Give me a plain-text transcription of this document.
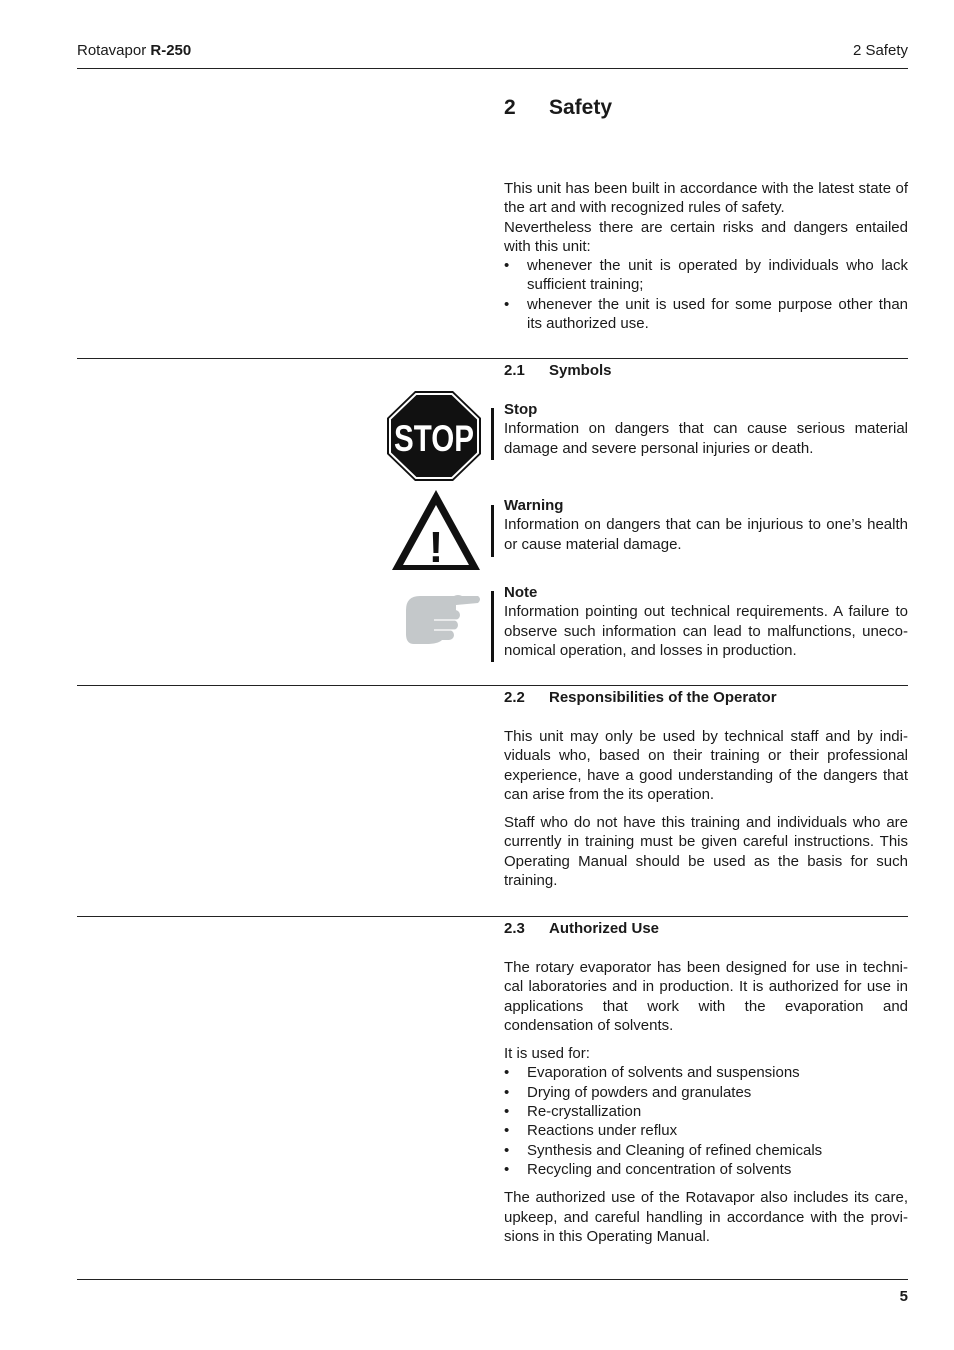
Rotavapor R-250	2 Safety
2 Safety

This unit has been built in accordance with the latest state of the art and with recognized rules of safety.

Nevertheless there are certain risks and dangers entailed with this unit:

• whenever the unit is operated by individuals who lack sufficient training;
• whenever the unit is used for some purpose other than its authorized use.
2.1 Symbols
STOP

Stop

Information on dangers that can cause serious material damage and severe personal injuries or death.

!

Warning

Information on dangers that can be injurious to one’s health or cause material damage.

Note

Information pointing out technical requirements. A failure to observe such information can lead to malfunctions, uneconomical operation, and losses in production.

2.2 Responsibilities of the Operator

This unit may only be used by technical staff and by individuals who, based on their training or their professional experience, have a good understanding of the dangers that can arise from the its operation.

Staff who do not have this training and individuals who are currently in training must be given careful instructions. This Operating Manual should be used as the basis for such training.

2.3 Authorized Use

The rotary evaporator has been designed for use in technical laboratories and in production. It is authorized for use in applications that work with the evaporation and condensation of solvents.

It is used for:

• Evaporation of solvents and suspensions
• Drying of powders and granulates
• Re-crystallization
• Reactions under reflux
• Synthesis and Cleaning of refined chemicals
• Recycling and concentration of solvents

The authorized use of the Rotavapor also includes its care, upkeep, and careful handling in accordance with the provisions in this Operating Manual.

5
